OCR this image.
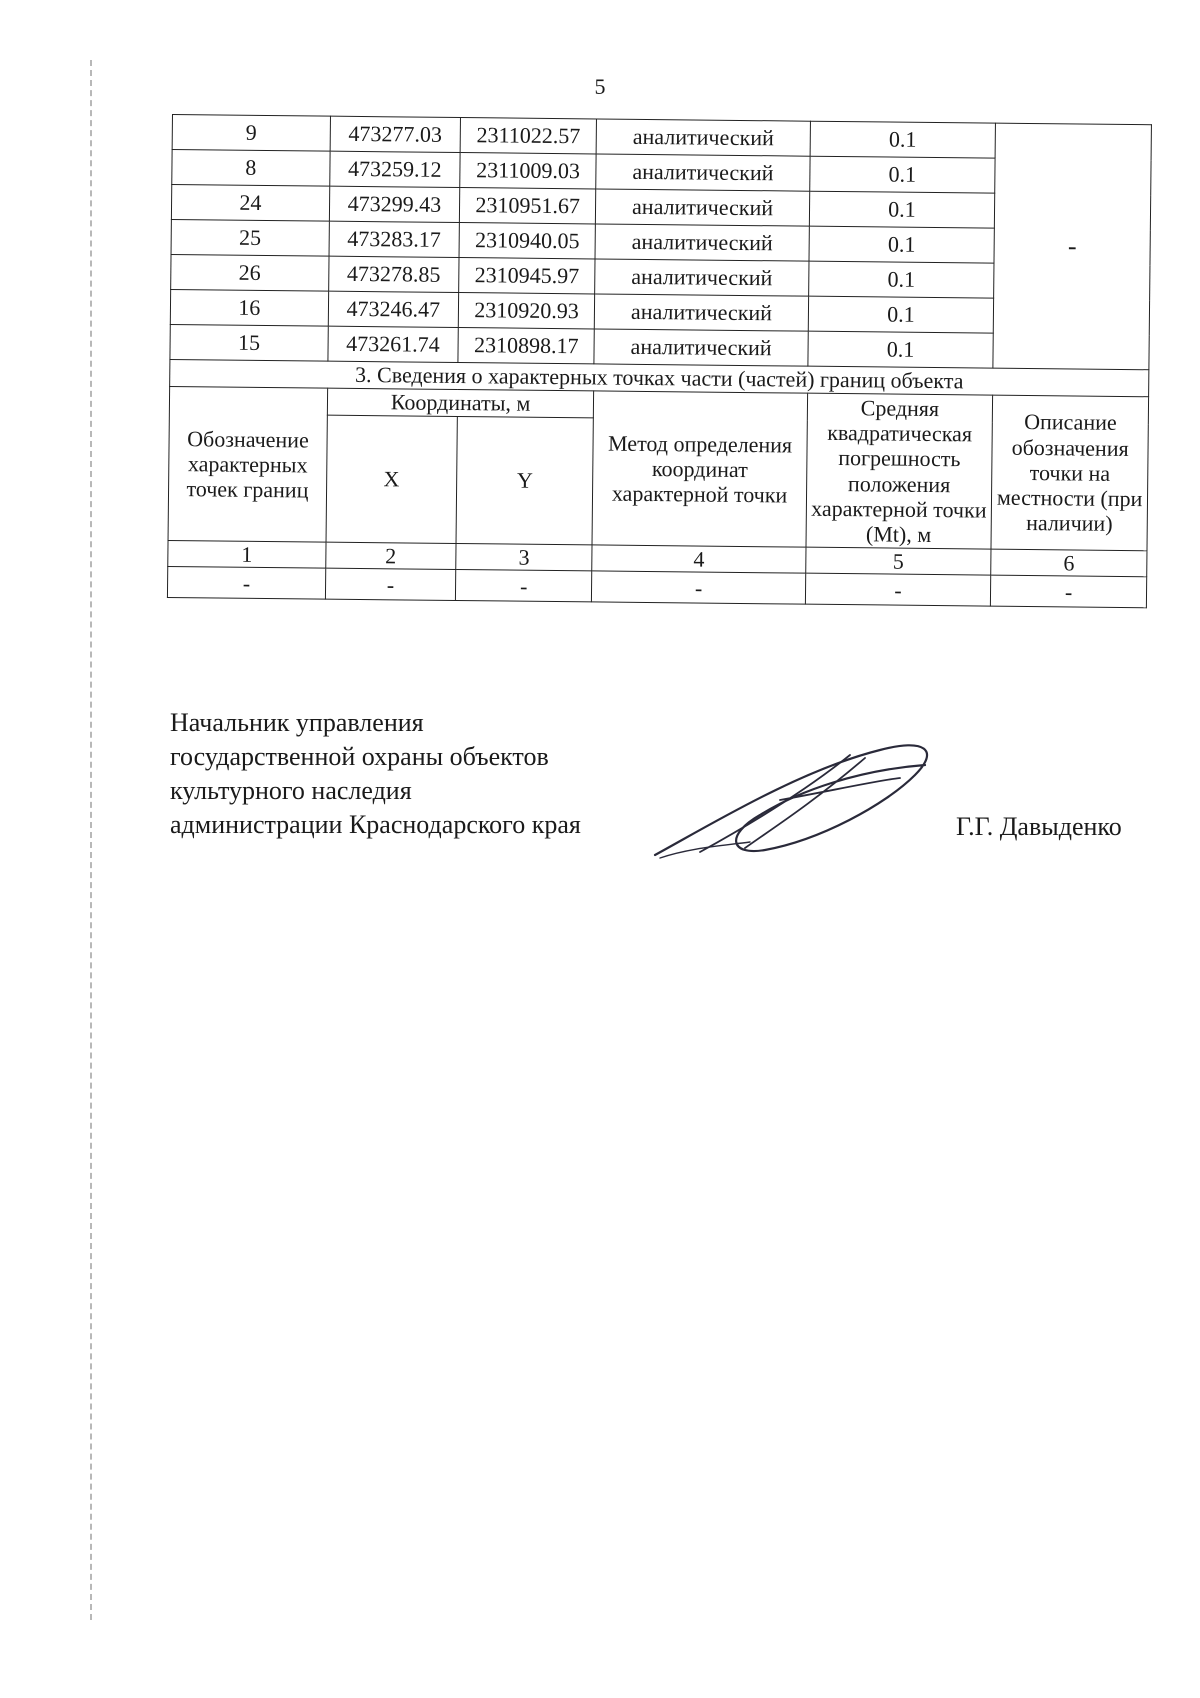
5
9	473277.03	2311022.57	аналитический	0.1	-
8	473259.12	2311009.03	аналитический	0.1	
24	473299.43	2310951.67	аналитический	0.1	
25	473283.17	2310940.05	аналитический	0.1	
26	473278.85	2310945.97	аналитический	0.1	
16	473246.47	2310920.93	аналитический	0.1	
15	473261.74	2310898.17	аналитический	0.1	
3. Сведения о характерных точках части (частей) границ объекта					
Обозначение характерных точек границ	Координаты, м		Метод определения координат характерной точки	Средняя квадратическая погрешность положения характерной точки (Мt), м	Описание обозначения точки на местности (при наличии)
	X	Y			
1	2	3	4	5	6
-	-	-	-	-	-
Начальник управления
государственной охраны объектов
культурного наследия
администрации Краснодарского края	Г.Г. Давыденко
